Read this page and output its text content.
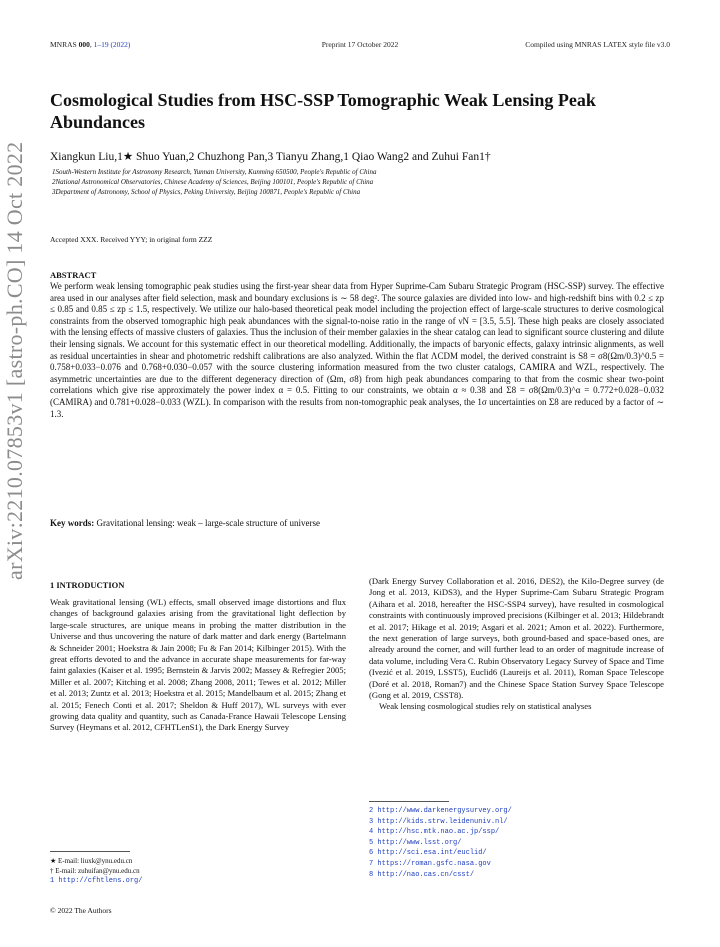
MNRAS 000, 1–19 (2022)	Preprint 17 October 2022	Compiled using MNRAS LATEX style file v3.0
Cosmological Studies from HSC-SSP Tomographic Weak Lensing Peak Abundances
Xiangkun Liu,1★ Shuo Yuan,2 Chuzhong Pan,3 Tianyu Zhang,1 Qiao Wang2 and Zuhui Fan1†
1South-Western Institute for Astronomy Research, Yunnan University, Kunming 650500, People's Republic of China
2National Astronomical Observatories, Chinese Academy of Sciences, Beijing 100101, People's Republic of China
3Department of Astronomy, School of Physics, Peking University, Beijing 100871, People's Republic of China
Accepted XXX. Received YYY; in original form ZZZ
ABSTRACT
We perform weak lensing tomographic peak studies using the first-year shear data from Hyper Suprime-Cam Subaru Strategic Program (HSC-SSP) survey. The effective area used in our analyses after field selection, mask and boundary exclusions is ∼ 58 deg². The source galaxies are divided into low- and high-redshift bins with 0.2 ≤ zp ≤ 0.85 and 0.85 ≤ zp ≤ 1.5, respectively. We utilize our halo-based theoretical peak model including the projection effect of large-scale structures to derive cosmological constraints from the observed tomographic high peak abundances with the signal-to-noise ratio in the range of νN = [3.5, 5.5]. These high peaks are closely associated with the lensing effects of massive clusters of galaxies. Thus the inclusion of their member galaxies in the shear catalog can lead to significant source clustering and dilute their lensing signals. We account for this systematic effect in our theoretical modelling. Additionally, the impacts of baryonic effects, galaxy intrinsic alignments, as well as residual uncertainties in shear and photometric redshift calibrations are also analyzed. Within the flat ΛCDM model, the derived constraint is S8 = σ8(Ωm/0.3)^0.5 = 0.758+0.033−0.076 and 0.768+0.030−0.057 with the source clustering information measured from the two cluster catalogs, CAMIRA and WZL, respectively. The asymmetric uncertainties are due to the different degeneracy direction of (Ωm, σ8) from high peak abundances comparing to that from the cosmic shear two-point correlations which give rise approximately the power index α = 0.5. Fitting to our constraints, we obtain α ≈ 0.38 and Σ8 = σ8(Ωm/0.3)^α = 0.772+0.028−0.032 (CAMIRA) and 0.781+0.028−0.033 (WZL). In comparison with the results from non-tomographic peak analyses, the 1σ uncertainties on Σ8 are reduced by a factor of ∼ 1.3.
Key words: Gravitational lensing: weak – large-scale structure of universe
arXiv:2210.07853v1 [astro-ph.CO] 14 Oct 2022
1 INTRODUCTION

Weak gravitational lensing (WL) effects, small observed image distortions and flux changes of background galaxies arising from the gravitational light deflection by large-scale structures, are unique means in probing the matter distribution in the Universe and thus uncovering the nature of dark matter and dark energy (Bartelmann & Schneider 2001; Hoekstra & Jain 2008; Fu & Fan 2014; Kilbinger 2015). With the great efforts devoted to and the advance in accurate shape measurements for far-way faint galaxies (Kaiser et al. 1995; Bernstein & Jarvis 2002; Massey & Refregier 2005; Miller et al. 2007; Kitching et al. 2008; Zhang 2008, 2011; Tewes et al. 2012; Miller et al. 2013; Zuntz et al. 2013; Hoekstra et al. 2015; Mandelbaum et al. 2015; Zhang et al. 2015; Fenech Conti et al. 2017; Sheldon & Huff 2017), WL surveys with ever growing data quality and quantity, such as Canada-France Hawaii Telescope Lensing Survey (Heymans et al. 2012, CFHTLenS1), the Dark Energy Survey

(Dark Energy Survey Collaboration et al. 2016, DES2), the Kilo-Degree survey (de Jong et al. 2013, KiDS3), and the Hyper Suprime-Cam Subaru Strategic Program (Aihara et al. 2018, hereafter the HSC-SSP4 survey), have resulted in cosmological constraints with continuously improved precisions (Kilbinger et al. 2013; Hildebrandt et al. 2017; Hikage et al. 2019; Asgari et al. 2021; Amon et al. 2022). Furthermore, the next generation of large surveys, both ground-based and space-based ones, are already around the corner, and will further lead to an order of magnitude increase of data volume, including Vera C. Rubin Observatory Legacy Survey of Space and Time (Ivezić et al. 2019, LSST5), Euclid6 (Laureijs et al. 2011), Roman Space Telescope (Doré et al. 2018, Roman7) and the Chinese Space Station Survey Space Telescope (Gong et al. 2019, CSST8).

Weak lensing cosmological studies rely on statistical analyses

★ E-mail: liuxk@ynu.edu.cn
† E-mail: zuhuifan@ynu.edu.cn
1 http://cfhtlens.org/
2 http://www.darkenergysurvey.org/
3 http://kids.strw.leidenuniv.nl/
4 http://hsc.mtk.nao.ac.jp/ssp/
5 http://www.lsst.org/
6 http://sci.esa.int/euclid/
7 https://roman.gsfc.nasa.gov
8 http://nao.cas.cn/csst/
© 2022 The Authors
